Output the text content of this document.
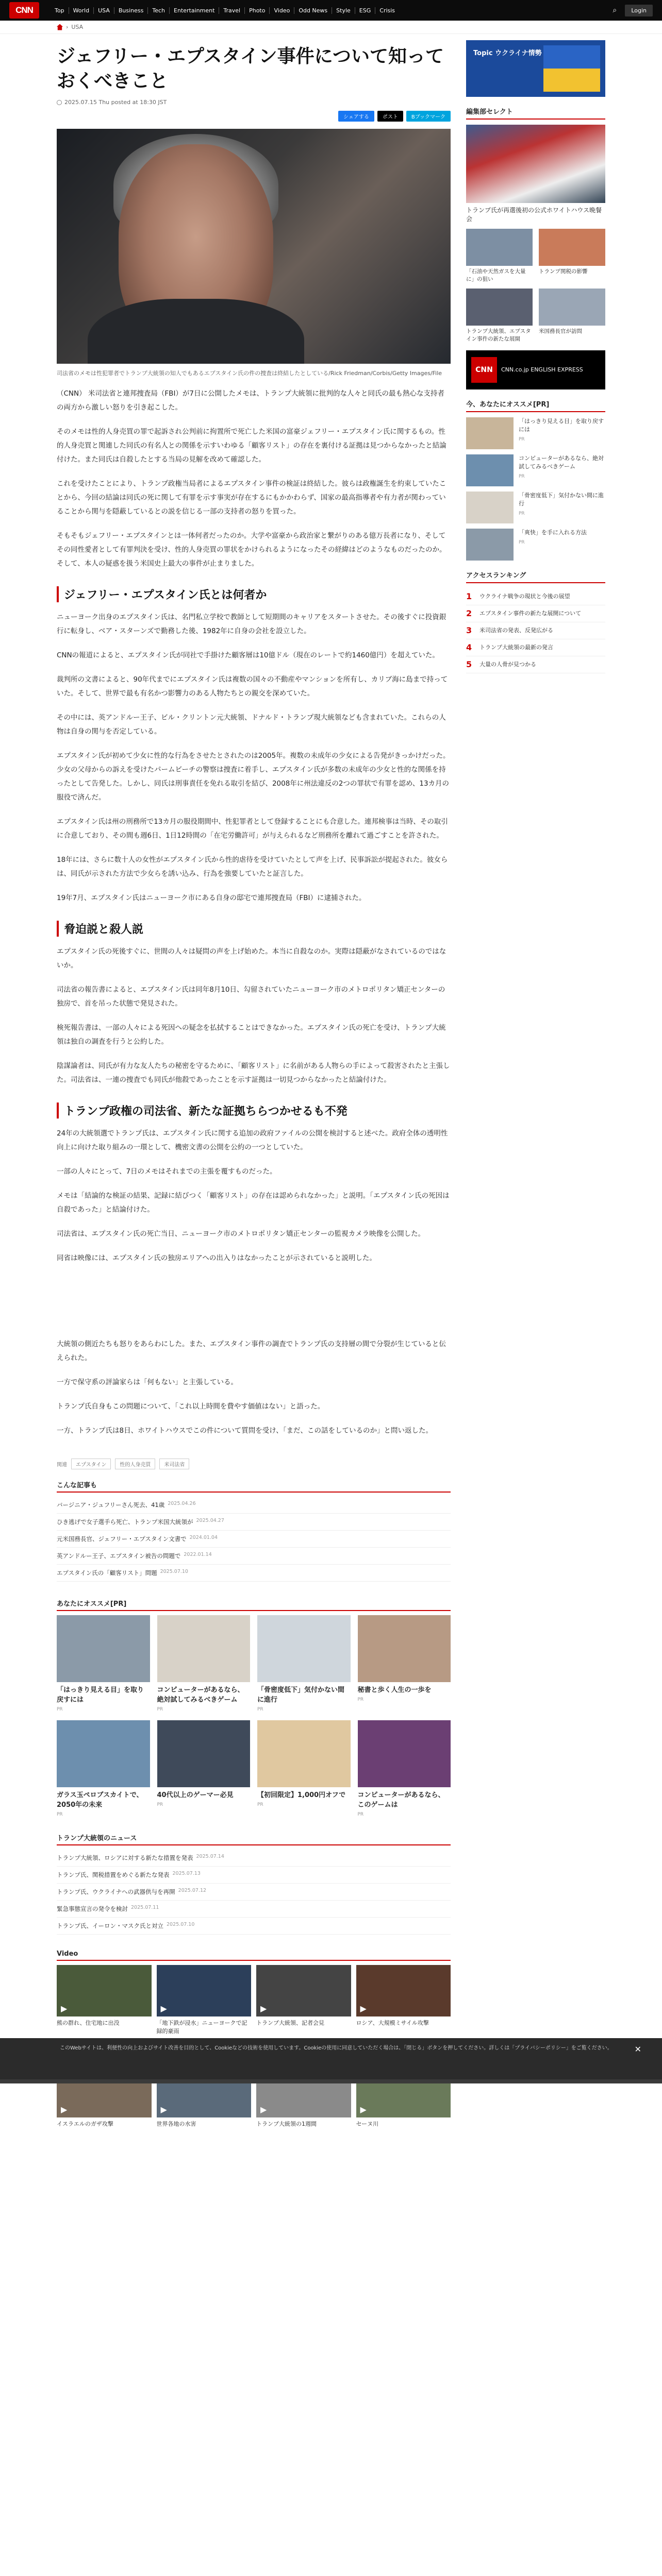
CNN	Top	World	USA	Business	Tech	Entertainment	Travel	Photo	Video	Odd News	Style	ESG	Crisis	⌕	Login
› USA
ジェフリー・エプスタイン事件について知っておくべきこと
2025.07.15 Thu posted at 18:30 JST
シェアする	ポスト	Bブックマーク
司法省のメモは性犯罪者でトランプ大統領の知人でもあるエプスタイン氏の件の捜査は終結したとしている/Rick Friedman/Corbis/Getty Images/File

（CNN） 米司法省と連邦捜査局（FBI）が7日に公開したメモは、トランプ大統領に批判的な人々と同氏の最も熱心な支持者の両方から激しい怒りを引き起こした。

そのメモは性的人身売買の罪で起訴され公判前に拘置所で死亡した米国の富豪ジェフリー・エプスタイン氏に関するもの。性的人身売買と関連した同氏の有名人との関係を示すいわゆる「顧客リスト」の存在を裏付ける証拠は見つからなかったと結論付けた。また同氏は自殺したとする当局の見解を改めて確認した。

これを受けたことにより、トランプ政権当局者によるエプスタイン事件の検証は終結した。彼らは政権誕生を約束していたことから、今回の結論は同氏の死に関して有罪を示す事実が存在するにもかかわらず、国家の最高指導者や有力者が関わっていることから関与を隠蔽しているとの説を信じる一部の支持者の怒りを買った。

そもそもジェフリー・エプスタインとは一体何者だったのか。大学や富豪から政治家と繋がりのある億万長者になり、そしてその同性愛者として有罪判決を受け、性的人身売買の罪状をかけられるようになったその経緯はどのようなものだったのか。そして、本人の疑惑を扱う米国史上最大の事件が止まりました。

ジェフリー・エプスタイン氏とは何者か

ニューヨーク出身のエプスタイン氏は、名門私立学校で教師として短期間のキャリアをスタートさせた。その後すぐに投資銀行に転身し、ベア・スターンズで勤務した後、1982年に自身の会社を設立した。

CNNの報道によると、エプスタイン氏が同社で手掛けた顧客層は10億ドル（現在のレートで約1460億円）を超えていた。

裁判所の文書によると、90年代までにエプスタイン氏は複数の国々の不動産やマンションを所有し、カリブ海に島まで持っていた。そして、世界で最も有名かつ影響力のある人物たちとの親交を深めていた。

その中には、英アンドルー王子、ビル・クリントン元大統領、ドナルド・トランプ現大統領なども含まれていた。これらの人物は自身の関与を否定している。

エプスタイン氏が初めて少女に性的な行為をさせたとされたのは2005年。複数の未成年の少女による告発がきっかけだった。少女の父母からの訴えを受けたパームビーチの警察は捜査に着手し、エプスタイン氏が多数の未成年の少女と性的な関係を持ったとして告発した。しかし、同氏は刑事責任を免れる取引を結び、2008年に州法違反の2つの罪状で有罪を認め、13カ月の服役で済んだ。

エプスタイン氏は州の刑務所で13カ月の服役期間中、性犯罪者として登録することにも合意した。連邦検事は当時、その取引に合意しており、その間も週6日、1日12時間の「在宅労働許可」が与えられるなど刑務所を離れて過ごすことを許された。

18年には、さらに数十人の女性がエプスタイン氏から性的虐待を受けていたとして声を上げ、民事訴訟が提起された。彼女らは、同氏が示された方法で少女らを誘い込み、行為を強要していたと証言した。

19年7月、エプスタイン氏はニューヨーク市にある自身の邸宅で連邦捜査局（FBI）に逮捕された。

脅迫説と殺人説

エプスタイン氏の死後すぐに、世間の人々は疑問の声を上げ始めた。本当に自殺なのか。実際は隠蔽がなされているのではないか。

司法省の報告書によると、エプスタイン氏は同年8月10日、勾留されていたニューヨーク市のメトロポリタン矯正センターの独房で、首を吊った状態で発見された。

検死報告書は、一部の人々による死因への疑念を払拭することはできなかった。エプスタイン氏の死亡を受け、トランプ大統領は独自の調査を行うと公約した。

陰謀論者は、同氏が有力な友人たちの秘密を守るために、「顧客リスト」に名前がある人物らの手によって殺害されたと主張した。司法省は、一連の捜査でも同氏が他殺であったことを示す証拠は一切見つからなかったと結論付けた。

トランプ政権の司法省、新たな証拠ちらつかせるも不発

24年の大統領選でトランプ氏は、エプスタイン氏に関する追加の政府ファイルの公開を検討すると述べた。政府全体の透明性向上に向けた取り組みの一環として、機密文書の公開を公約の一つとしていた。

一部の人々にとって、7日のメモはそれまでの主張を覆すものだった。

メモは「結論的な検証の結果、記録に結びつく「顧客リスト」の存在は認められなかった」と説明。「エプスタイン氏の死因は自殺であった」と結論付けた。

司法省は、エプスタイン氏の死亡当日、ニューヨーク市のメトロポリタン矯正センターの監視カメラ映像を公開した。

同省は映像には、エプスタイン氏の独房エリアへの出入りはなかったことが示されていると説明した。

大統領の側近たちも怒りをあらわにした。また、エプスタイン事件の調査でトランプ氏の支持層の間で分裂が生じていると伝えられた。

一方で保守系の評論家らは「何もない」と主張している。

トランプ氏自身もこの問題について、「これ以上時間を費やす価値はない」と語った。

一方、トランプ氏は8日、ホワイトハウスでこの件について質問を受け、「まだ、この話をしているのか」と問い返した。

関連	エプスタイン	性的人身売買	米司法省
こんな記事も
バージニア・ジュフリーさん死去、41歳 2025.04.26
ひき逃げで女子選手ら死亡、トランプ米国大統領が 2025.04.27
元米国務長官、ジェフリー・エプスタイン文書で 2024.01.04
英アンドルー王子、エプスタイン被告の問題で 2022.01.14
エプスタイン氏の「顧客リスト」問題 2025.07.10
あなたにオススメ[PR]
「はっきり見える目」を取り戻すには
PR
コンピューターがあるなら、絶対試してみるべきゲーム
PR
「骨密度低下」気付かない間に進行
PR
秘書と歩く人生の一歩を
PR
ガラス玉ペロブスカイトで、2050年の未来
PR
40代以上のゲーマー必見
PR
【初回限定】1,000円オフで
PR
コンピューターがあるなら、このゲームは
PR
トランプ大統領のニュース
トランプ大統領、ロシアに対する新たな措置を発表 2025.07.14
トランプ氏、関税措置をめぐる新たな発表 2025.07.13
トランプ氏、ウクライナへの武器供与を再開 2025.07.12
緊急事態宣言の発令を検討 2025.07.11
トランプ氏、イーロン・マスク氏と対立 2025.07.10
Video
▶
熊の群れ、住宅地に出没
▶	「地下鉄が浸水」ニューヨークで記録的豪雨
▶
トランプ大統領、記者会見
▶	ロシア、大規模ミサイル攻撃
▶
イスラエルのガザ攻撃
▶	世界各地の水害
▶	トランプ大統領の1週間
▶	セーヌ川
Topic ウクライナ情勢
編集部セレクト
トランプ氏が再選後初の公式ホワイトハウス晩餐会
「石油や天然ガスを大量に」の狙い
トランプ関税の影響
トランプ大統領、エプスタイン事件の新たな展開
米国務長官が訪問
CNN	CNN.co.jp ENGLISH EXPRESS
今、あなたにオススメ[PR]
「はっきり見える目」を取り戻すには
PR
コンピューターがあるなら、絶対試してみるべきゲーム
PR
「骨密度低下」気付かない間に進行
PR
「爽快」を手に入れる方法
PR
アクセスランキング
1	ウクライナ戦争の現状と今後の展望
2	エプスタイン事件の新たな展開について
3	米司法省の発表、反発広がる
4	トランプ大統領の最新の発言
5	大量の人骨が見つかる
このWebサイトは、利便性の向上およびサイト改善を目的として、Cookieなどの技術を使用しています。Cookieの使用に同意していただく場合は、「閉じる」ボタンを押してください。詳しくは「プライバシーポリシー」をご覧ください。	✕
